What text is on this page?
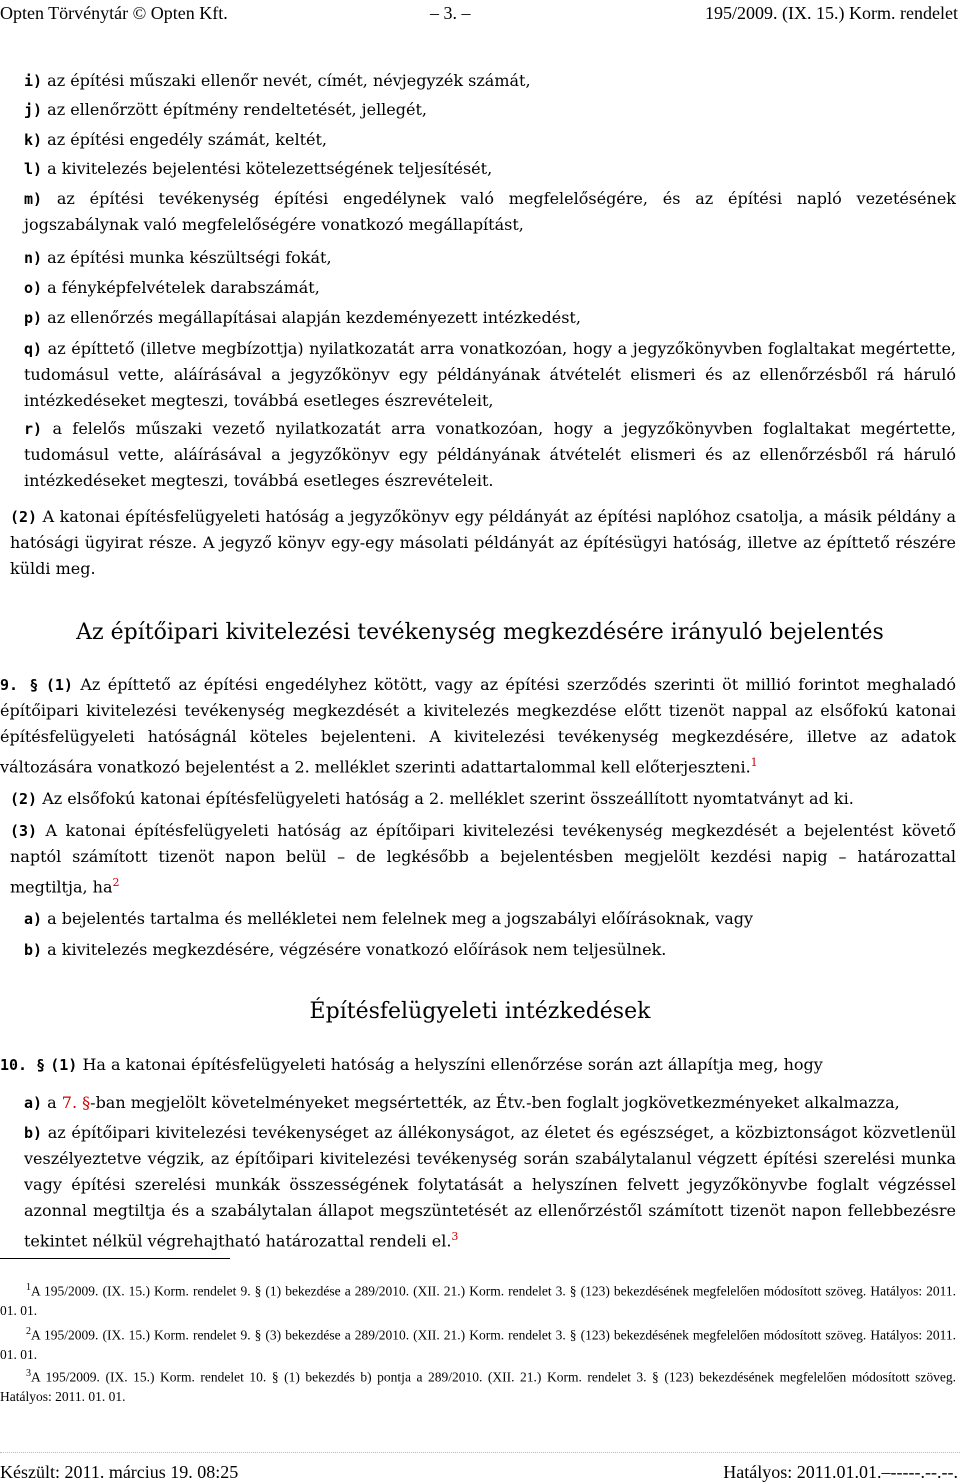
Opten Törvénytár © Opten Kft.	– 3. –	195/2009. (IX. 15.) Korm. rendelet
i) az építési műszaki ellenőr nevét, címét, névjegyzék számát,
j) az ellenőrzött építmény rendeltetését, jellegét,
k) az építési engedély számát, keltét,
l) a kivitelezés bejelentési kötelezettségének teljesítését,
m) az építési tevékenység építési engedélynek való megfelelőségére, és az építési napló vezetésének jogszabálynak való megfelelőségére vonatkozó megállapítást,
n) az építési munka készültségi fokát,
o) a fényképfelvételek darabszámát,
p) az ellenőrzés megállapításai alapján kezdeményezett intézkedést,
q) az építtető (illetve megbízottja) nyilatkozatát arra vonatkozóan, hogy a jegyzőkönyvben foglaltakat megértette, tudomásul vette, aláírásával a jegyzőkönyv egy példányának átvételét elismeri és az ellenőrzésből rá háruló intézkedéseket megteszi, továbbá esetleges észrevételeit,
r) a felelős műszaki vezető nyilatkozatát arra vonatkozóan, hogy a jegyzőkönyvben foglaltakat megértette, tudomásul vette, aláírásával a jegyzőkönyv egy példányának átvételét elismeri és az ellenőrzésből rá háruló intézkedéseket megteszi, továbbá esetleges észrevételeit.
(2) A katonai építésfelügyeleti hatóság a jegyzőkönyv egy példányát az építési naplóhoz csatolja, a másik példány a hatósági ügyirat része. A jegyző könyv egy-egy másolati példányát az építésügyi hatóság, illetve az építtető részére küldi meg.
Az építőipari kivitelezési tevékenység megkezdésére irányuló bejelentés
9. § (1) Az építtető az építési engedélyhez kötött, vagy az építési szerződés szerinti öt millió forintot meghaladó építőipari kivitelezési tevékenység megkezdését a kivitelezés megkezdése előtt tizenöt nappal az elsőfokú katonai építésfelügyeleti hatóságnál köteles bejelenteni. A kivitelezési tevékenység megkezdésére, illetve az adatok változására vonatkozó bejelentést a 2. melléklet szerinti adattartalommal kell előterjeszteni.$^1$
(2) Az elsőfokú katonai építésfelügyeleti hatóság a 2. melléklet szerint összeállított nyomtatványt ad ki.
(3) A katonai építésfelügyeleti hatóság az építőipari kivitelezési tevékenység megkezdését a bejelentést követő naptól számított tizenöt napon belül – de legkésőbb a bejelentésben megjelölt kezdési napig – határozattal megtiltja, $ha^2$
a) a bejelentés tartalma és mellékletei nem felelnek meg a jogszabályi előírásoknak, vagy
b) a kivitelezés megkezdésére, végzésére vonatkozó előírások nem teljesülnek.
Építésfelügyeleti intézkedések
10. § (1) Ha a katonai építésfelügyeleti hatóság a helyszíni ellenőrzése során azt állapítja meg, hogy
a) a 7. §-ban megjelölt követelményeket megsértették, az Étv.-ben foglalt jogkövetkezményeket alkalmazza,
b) az építőipari kivitelezési tevékenységet az állékonyságot, az életet és egészséget, a közbiztonságot közvetlenül veszélyeztetve végzik, az építőipari kivitelezési tevékenység során szabálytalanul végzett építési szerelési munka vagy építési szerelési munkák összességének folytatását a helyszínen felvett jegyzőkönyvbe foglalt végzéssel azonnal megtiltja és a szabálytalan állapot megszüntetését az ellenőrzéstől számított tizenöt napon fellebbezésre tekintet nélkül végrehajtható határozattal rendeli el.$^3$
$^1$A 195/2009. (IX. 15.) Korm. rendelet 9. § (1) bekezdése a 289/2010. (XII. 21.) Korm. rendelet 3. § (123) bekezdésének megfelelően módosított szöveg. Hatályos: 2011. 01. 01.
$^2$A 195/2009. (IX. 15.) Korm. rendelet 9. § (3) bekezdése a 289/2010. (XII. 21.) Korm. rendelet 3. § (123) bekezdésének megfelelően módosított szöveg. Hatályos: 2011. 01. 01.
$^3$A 195/2009. (IX. 15.) Korm. rendelet 10. § (1) bekezdés b) pontja a 289/2010. (XII. 21.) Korm. rendelet 3. § (123) bekezdésének megfelelően módosított szöveg. Hatályos: 2011. 01. 01.
Készült: 2011. március 19. 08:25	Hatályos: 2011.01.01.–-----.--.--.
